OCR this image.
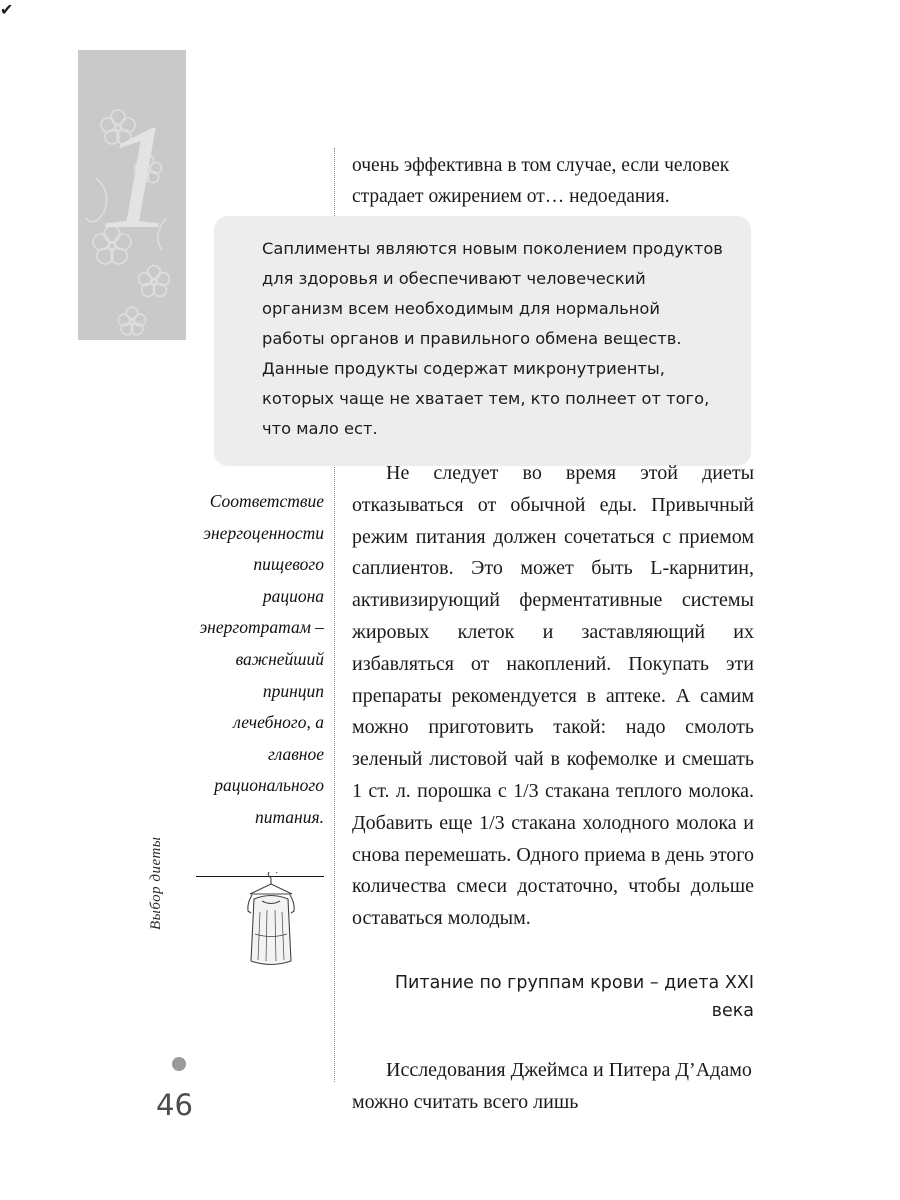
1	очень эффективна в том случае, если человек страдает ожирением от… недоедания.
✔
Саплименты являются новым поколением продуктов для здоровья и обеспечивают человеческий организм всем необходимым для нормальной работы органов и правильного обмена веществ. Данные продукты содержат микронутриенты, которых чаще не хватает тем, кто полнеет от того, что мало ест.
Соответствие энергоценности пищевого рациона энерготратам – важнейший принцип лечебного, а главное рационального питания.
Выбор диеты
46

Не следует во время этой диеты отказываться от обычной еды. Привычный режим питания должен сочетаться с приемом саплиентов. Это может быть L-карнитин, активизирующий ферментативные системы жировых клеток и заставляющий их избавляться от накоплений. Покупать эти препараты рекомендуется в аптеке. А самим можно приготовить такой: надо смолоть зеленый листовой чай в кофемолке и смешать 1 ст. л. порошка с 1/3 стакана теплого молока. Добавить еще 1/3 стакана холодного молока и снова перемешать. Одного приема в день этого количества смеси достаточно, чтобы дольше оставаться молодым.

Питание по группам крови – диета XXI века

Исследования Джеймса и Питера Д’Адамо можно считать всего лишь
